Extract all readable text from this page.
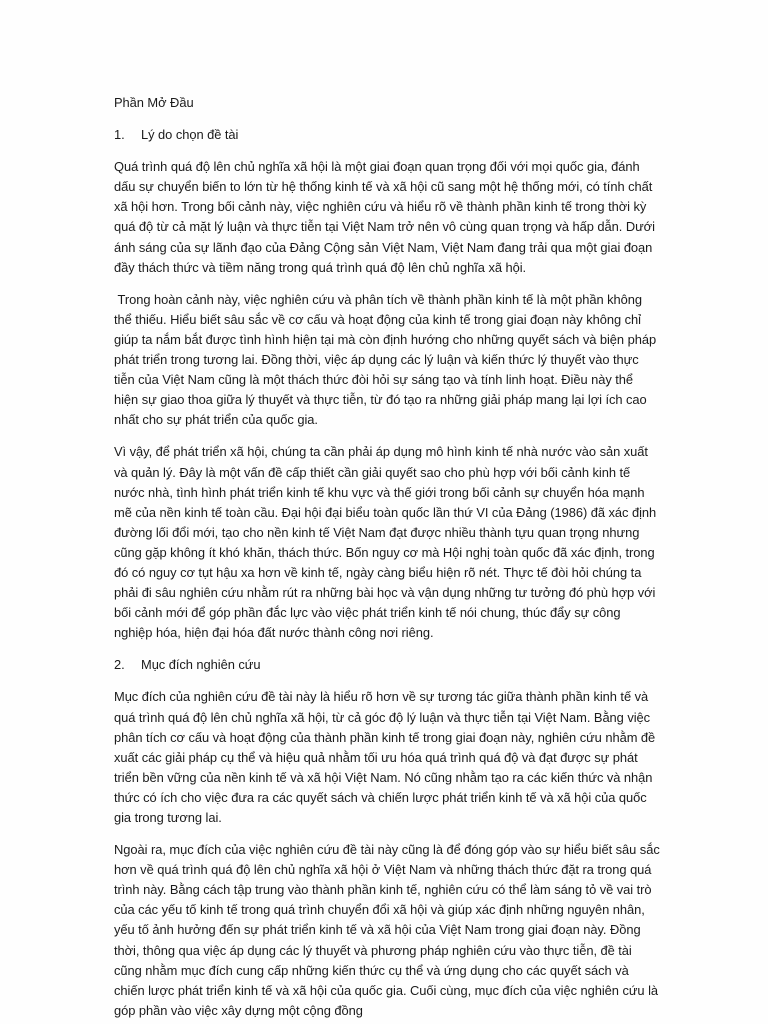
Phần Mở Đầu
1.	Lý do chọn đề tài

Quá trình quá độ lên chủ nghĩa xã hội là một giai đoạn quan trọng đối với mọi quốc gia, đánh dấu sự chuyển biến to lớn từ hệ thống kinh tế và xã hội cũ sang một hệ thống mới, có tính chất xã hội hơn. Trong bối cảnh này, việc nghiên cứu và hiểu rõ về thành phần kinh tế trong thời kỳ quá độ từ cả mặt lý luận và thực tiễn tại Việt Nam trở nên vô cùng quan trọng và hấp dẫn. Dưới ánh sáng của sự lãnh đạo của Đảng Cộng sản Việt Nam, Việt Nam đang trải qua một giai đoạn đầy thách thức và tiềm năng trong quá trình quá độ lên chủ nghĩa xã hội.

Trong hoàn cảnh này, việc nghiên cứu và phân tích về thành phần kinh tế là một phần không thể thiếu. Hiểu biết sâu sắc về cơ cấu và hoạt động của kinh tế trong giai đoạn này không chỉ giúp ta nắm bắt được tình hình hiện tại mà còn định hướng cho những quyết sách và biện pháp phát triển trong tương lai. Đồng thời, việc áp dụng các lý luận và kiến thức lý thuyết vào thực tiễn của Việt Nam cũng là một thách thức đòi hỏi sự sáng tạo và tính linh hoạt. Điều này thể hiện sự giao thoa giữa lý thuyết và thực tiễn, từ đó tạo ra những giải pháp mang lại lợi ích cao nhất cho sự phát triển của quốc gia.

Vì vậy, để phát triển xã hội, chúng ta cần phải áp dụng mô hình kinh tế nhà nước vào sản xuất và quản lý. Đây là một vấn đề cấp thiết cần giải quyết sao cho phù hợp với bối cảnh kinh tế nước nhà, tình hình phát triển kinh tế khu vực và thế giới trong bối cảnh sự chuyển hóa mạnh mẽ của nền kinh tế toàn cầu. Đại hội đại biểu toàn quốc lần thứ VI của Đảng (1986) đã xác định đường lối đổi mới, tạo cho nền kinh tế Việt Nam đạt được nhiều thành tựu quan trọng nhưng cũng gặp không ít khó khăn, thách thức. Bốn nguy cơ mà Hội nghị toàn quốc đã xác định, trong đó có nguy cơ tụt hậu xa hơn về kinh tế, ngày càng biểu hiện rõ nét. Thực tế đòi hỏi chúng ta phải đi sâu nghiên cứu nhằm rút ra những bài học và vận dụng những tư tưởng đó phù hợp với bối cảnh mới để góp phần đắc lực vào việc phát triển kinh tế nói chung, thúc đẩy sự công nghiệp hóa, hiện đại hóa đất nước thành công nơi riêng.

2.	Mục đích nghiên cứu

Mục đích của nghiên cứu đề tài này là hiểu rõ hơn về sự tương tác giữa thành phần kinh tế và quá trình quá độ lên chủ nghĩa xã hội, từ cả góc độ lý luận và thực tiễn tại Việt Nam. Bằng việc phân tích cơ cấu và hoạt động của thành phần kinh tế trong giai đoạn này, nghiên cứu nhằm đề xuất các giải pháp cụ thể và hiệu quả nhằm tối ưu hóa quá trình quá độ và đạt được sự phát triển bền vững của nền kinh tế và xã hội Việt Nam. Nó cũng nhằm tạo ra các kiến thức và nhận thức có ích cho việc đưa ra các quyết sách và chiến lược phát triển kinh tế và xã hội của quốc gia trong tương lai.

Ngoài ra, mục đích của việc nghiên cứu đề tài này cũng là để đóng góp vào sự hiểu biết sâu sắc hơn về quá trình quá độ lên chủ nghĩa xã hội ở Việt Nam và những thách thức đặt ra trong quá trình này. Bằng cách tập trung vào thành phần kinh tế, nghiên cứu có thể làm sáng tỏ về vai trò của các yếu tố kinh tế trong quá trình chuyển đổi xã hội và giúp xác định những nguyên nhân, yếu tố ảnh hưởng đến sự phát triển kinh tế và xã hội của Việt Nam trong giai đoạn này. Đồng thời, thông qua việc áp dụng các lý thuyết và phương pháp nghiên cứu vào thực tiễn, đề tài cũng nhằm mục đích cung cấp những kiến thức cụ thể và ứng dụng cho các quyết sách và chiến lược phát triển kinh tế và xã hội của quốc gia. Cuối cùng, mục đích của việc nghiên cứu là góp phần vào việc xây dựng một cộng đồng
